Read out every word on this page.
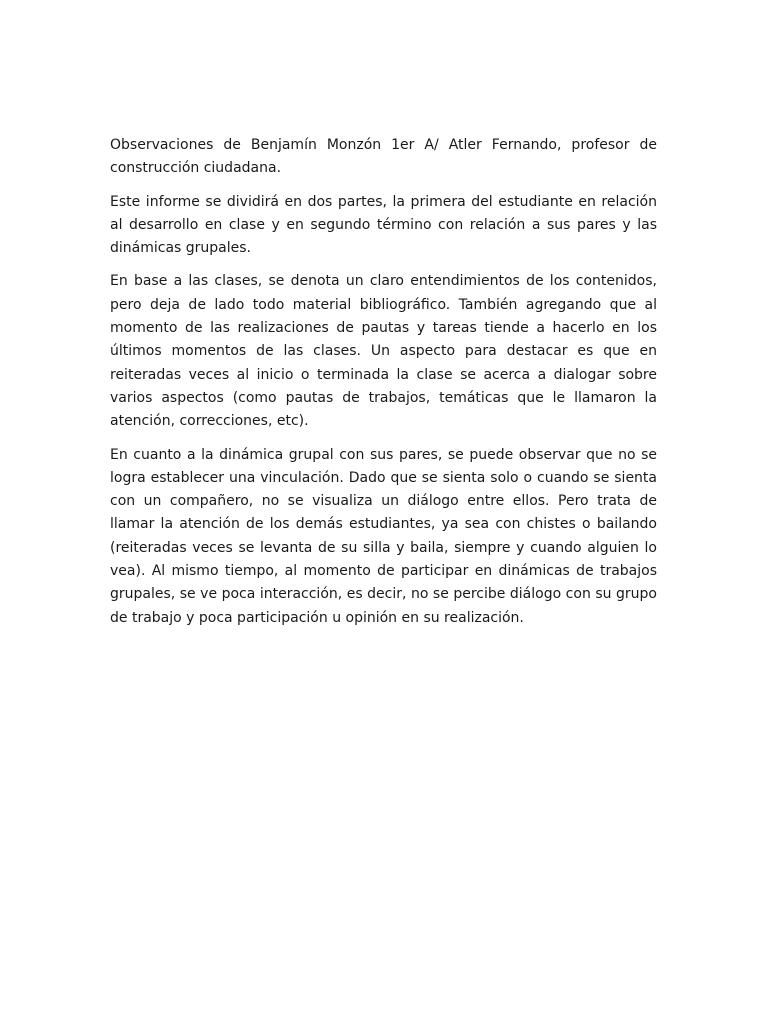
Observaciones de Benjamín Monzón 1er A/ Atler Fernando, profesor de construcción ciudadana.

Este informe se dividirá en dos partes, la primera del estudiante en relación al desarrollo en clase y en segundo término con relación a sus pares y las dinámicas grupales.

En base a las clases, se denota un claro entendimientos de los contenidos, pero deja de lado todo material bibliográfico. También agregando que al momento de las realizaciones de pautas y tareas tiende a hacerlo en los últimos momentos de las clases. Un aspecto para destacar es que en reiteradas veces al inicio o terminada la clase se acerca a dialogar sobre varios aspectos (como pautas de trabajos, temáticas que le llamaron la atención, correcciones, etc).

En cuanto a la dinámica grupal con sus pares, se puede observar que no se logra establecer una vinculación. Dado que se sienta solo o cuando se sienta con un compañero, no se visualiza un diálogo entre ellos. Pero trata de llamar la atención de los demás estudiantes, ya sea con chistes o bailando (reiteradas veces se levanta de su silla y baila, siempre y cuando alguien lo vea). Al mismo tiempo, al momento de participar en dinámicas de trabajos grupales, se ve poca interacción, es decir, no se percibe diálogo con su grupo de trabajo y poca participación u opinión en su realización.
